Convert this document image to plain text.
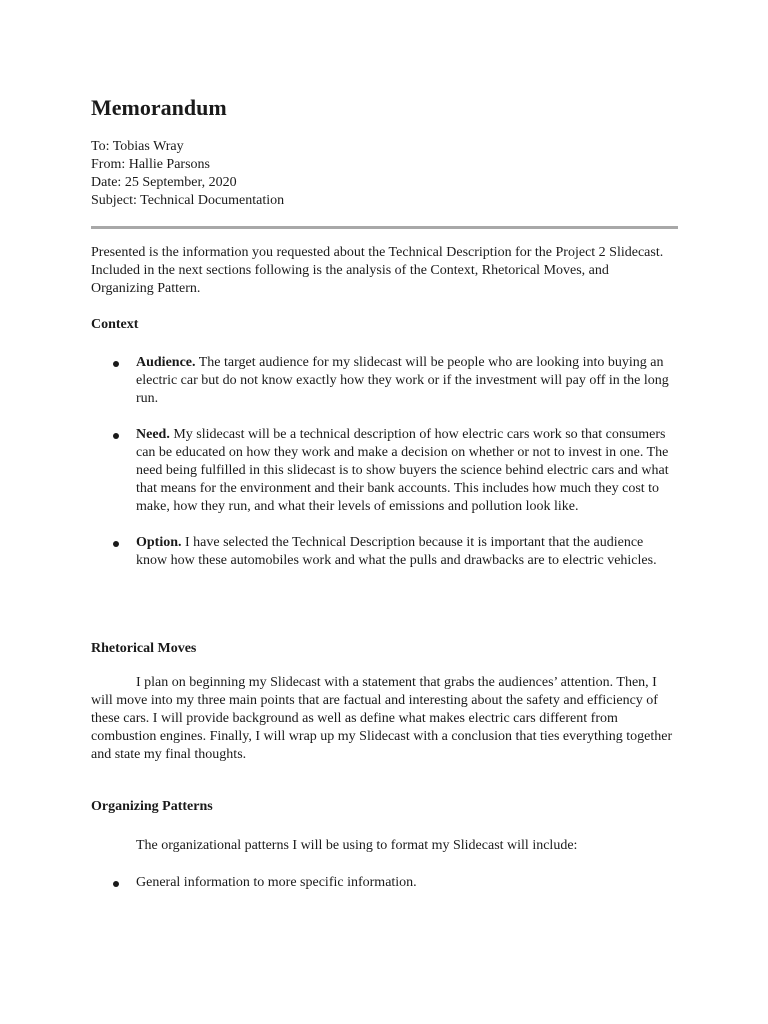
Memorandum
To: Tobias Wray
From: Hallie Parsons
Date: 25 September, 2020
Subject: Technical Documentation

Presented is the information you requested about the Technical Description for the Project 2 Slidecast. Included in the next sections following is the analysis of the Context, Rhetorical Moves, and Organizing Pattern.

Context
Audience. The target audience for my slidecast will be people who are looking into buying an electric car but do not know exactly how they work or if the investment will pay off in the long run.
Need. My slidecast will be a technical description of how electric cars work so that consumers can be educated on how they work and make a decision on whether or not to invest in one. The need being fulfilled in this slidecast is to show buyers the science behind electric cars and what that means for the environment and their bank accounts. This includes how much they cost to make, how they run, and what their levels of emissions and pollution look like.
Option. I have selected the Technical Description because it is important that the audience know how these automobiles work and what the pulls and drawbacks are to electric vehicles.
Rhetorical Moves

I plan on beginning my Slidecast with a statement that grabs the audiences’ attention. Then, I will move into my three main points that are factual and interesting about the safety and efficiency of these cars. I will provide background as well as define what makes electric cars different from combustion engines. Finally, I will wrap up my Slidecast with a conclusion that ties everything together and state my final thoughts.

Organizing Patterns

The organizational patterns I will be using to format my Slidecast will include:

General information to more specific information.
